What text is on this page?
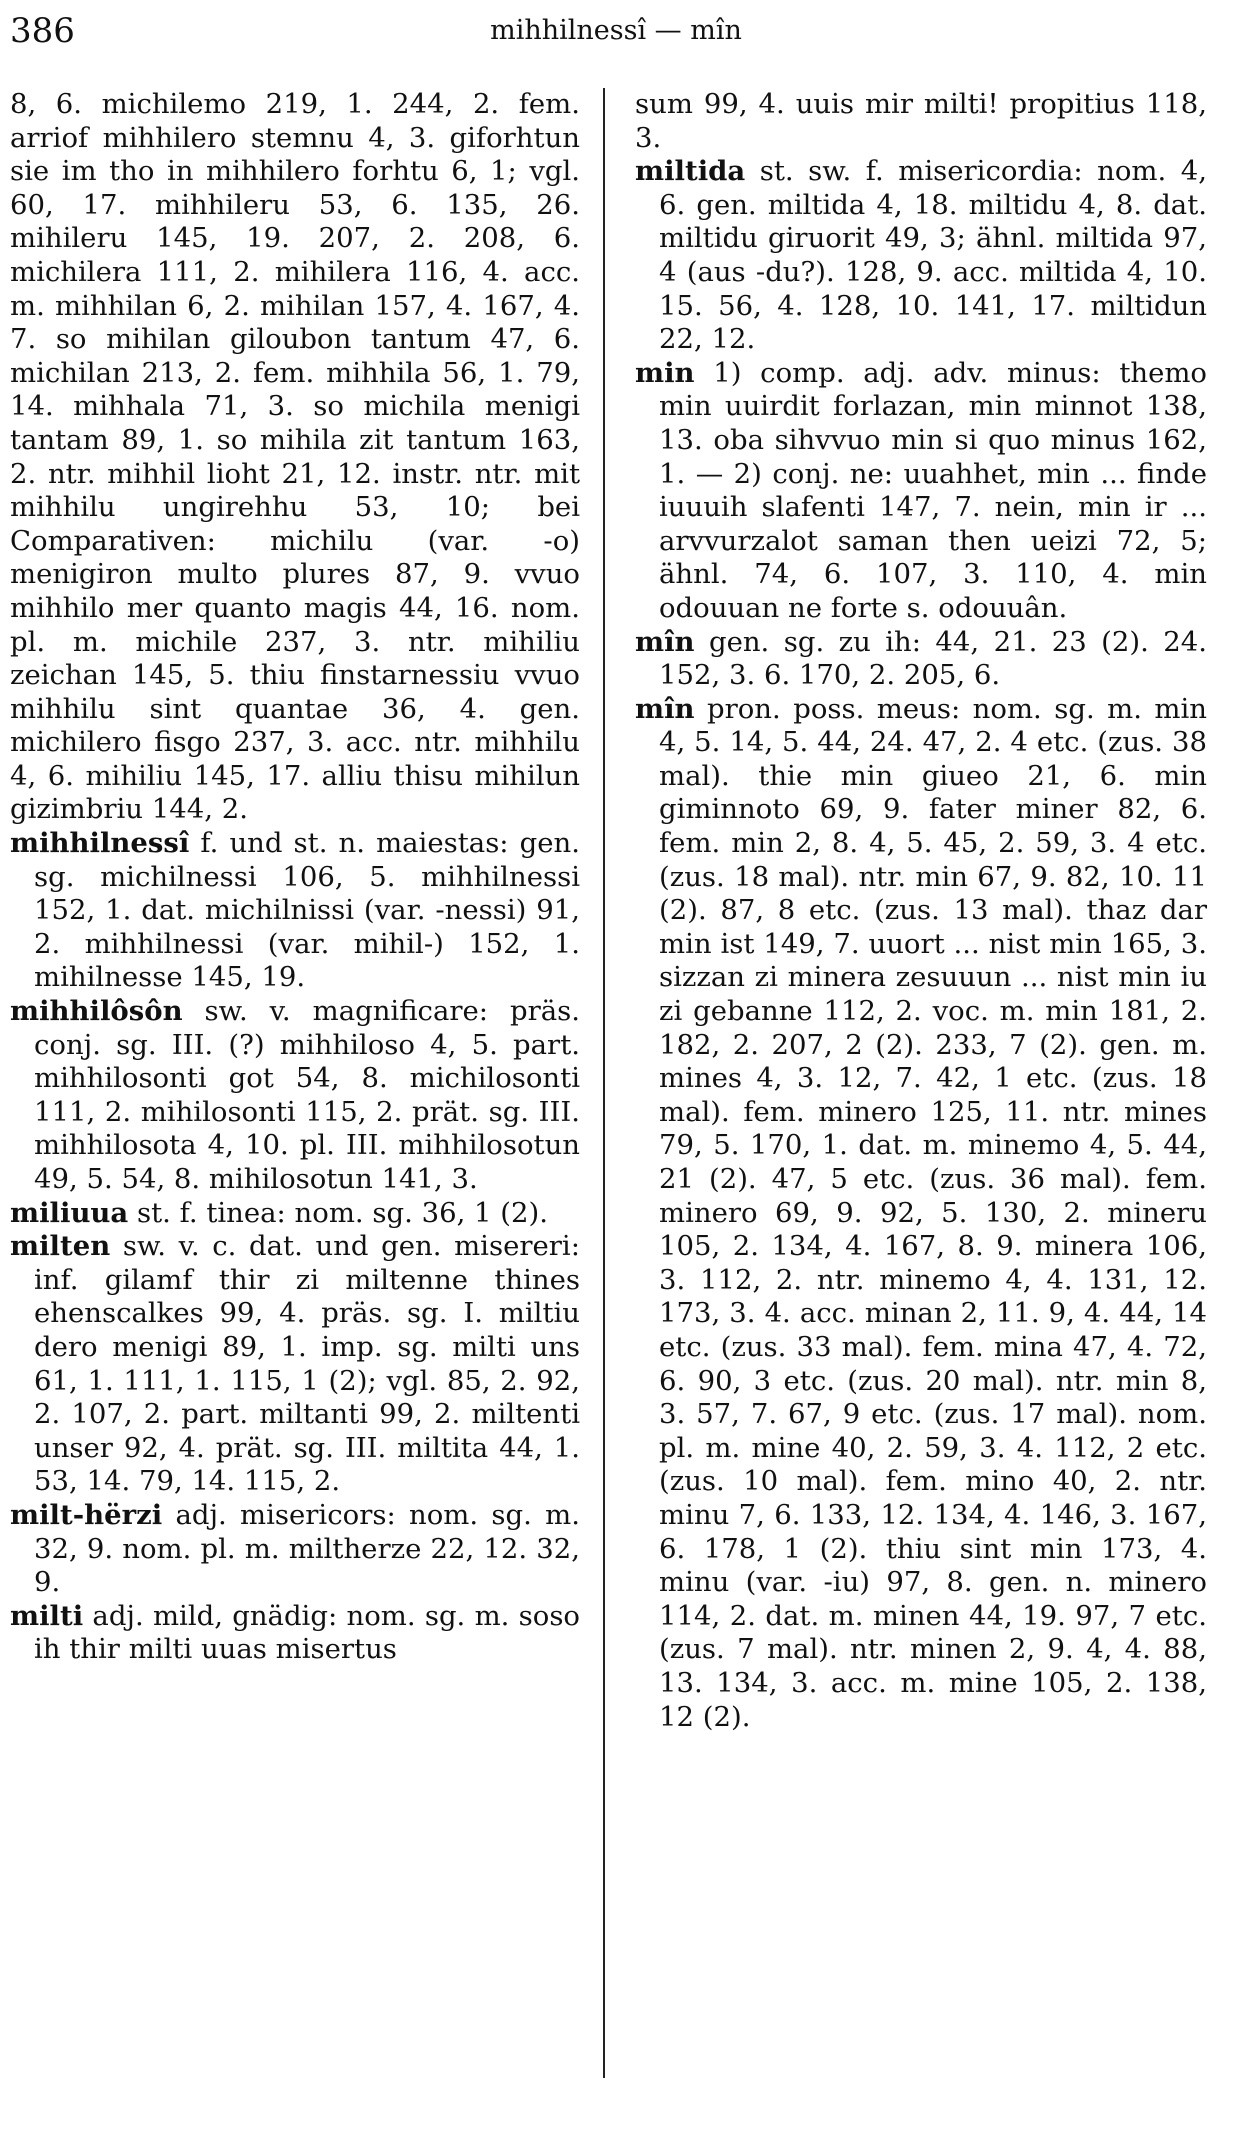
386	mihhilnessî — mîn

8, 6. michilemo 219, 1. 244, 2. fem. arriof mihhilero stemnu 4, 3. giforhtun sie im tho in mihhilero forhtu 6, 1; vgl. 60, 17. mihhileru 53, 6. 135, 26. mihileru 145, 19. 207, 2. 208, 6. michilera 111, 2. mihilera 116, 4. acc. m. mihhilan 6, 2. mihilan 157, 4. 167, 4. 7. so mihilan giloubon tantum 47, 6. michilan 213, 2. fem. mihhila 56, 1. 79, 14. mihhala 71, 3. so michila menigi tantam 89, 1. so mihila zit tantum 163, 2. ntr. mihhil lioht 21, 12. instr. ntr. mit mihhilu ungirehhu 53, 10; bei Comparativen: michilu (var. -o) menigiron multo plures 87, 9. vvuo mihhilo mer quanto magis 44, 16. nom. pl. m. michile 237, 3. ntr. mihiliu zeichan 145, 5. thiu finstarnessiu vvuo mihhilu sint quantae 36, 4. gen. michilero fisgo 237, 3. acc. ntr. mihhilu 4, 6. mihiliu 145, 17. alliu thisu mihilun gizimbriu 144, 2.

mihhilnessî f. und st. n. maiestas: gen. sg. michilnessi 106, 5. mihhilnessi 152, 1. dat. michilnissi (var. -nessi) 91, 2. mihhilnessi (var. mihil-) 152, 1. mihilnesse 145, 19.

mihhilôsôn sw. v. magnificare: präs. conj. sg. III. (?) mihhiloso 4, 5. part. mihhilosonti got 54, 8. michilosonti 111, 2. mihilosonti 115, 2. prät. sg. III. mihhilosota 4, 10. pl. III. mihhilosotun 49, 5. 54, 8. mihilosotun 141, 3.

miliuua st. f. tinea: nom. sg. 36, 1 (2).

milten sw. v. c. dat. und gen. misereri: inf. gilamf thir zi miltenne thines ehenscalkes 99, 4. präs. sg. I. miltiu dero menigi 89, 1. imp. sg. milti uns 61, 1. 111, 1. 115, 1 (2); vgl. 85, 2. 92, 2. 107, 2. part. miltanti 99, 2. miltenti unser 92, 4. prät. sg. III. miltita 44, 1. 53, 14. 79, 14. 115, 2.

milt-hërzi adj. misericors: nom. sg. m. 32, 9. nom. pl. m. miltherze 22, 12. 32, 9.

milti adj. mild, gnädig: nom. sg. m. soso ih thir milti uuas misertus

sum 99, 4. uuis mir milti! propitius 118, 3.

miltida st. sw. f. misericordia: nom. 4, 6. gen. miltida 4, 18. miltidu 4, 8. dat. miltidu giruorit 49, 3; ähnl. miltida 97, 4 (aus -du?). 128, 9. acc. miltida 4, 10. 15. 56, 4. 128, 10. 141, 17. miltidun 22, 12.

min 1) comp. adj. adv. minus: themo min uuirdit forlazan, min minnot 138, 13. oba sihvvuo min si quo minus 162, 1. — 2) conj. ne: uuahhet, min ... finde iuuuih slafenti 147, 7. nein, min ir ... arvvurzalot saman then ueizi 72, 5; ähnl. 74, 6. 107, 3. 110, 4. min odouuan ne forte s. odouuân.

mîn gen. sg. zu ih: 44, 21. 23 (2). 24. 152, 3. 6. 170, 2. 205, 6.

mîn pron. poss. meus: nom. sg. m. min 4, 5. 14, 5. 44, 24. 47, 2. 4 etc. (zus. 38 mal). thie min giueo 21, 6. min giminnoto 69, 9. fater miner 82, 6. fem. min 2, 8. 4, 5. 45, 2. 59, 3. 4 etc. (zus. 18 mal). ntr. min 67, 9. 82, 10. 11 (2). 87, 8 etc. (zus. 13 mal). thaz dar min ist 149, 7. uuort ... nist min 165, 3. sizzan zi minera zesuuun ... nist min iu zi gebanne 112, 2. voc. m. min 181, 2. 182, 2. 207, 2 (2). 233, 7 (2). gen. m. mines 4, 3. 12, 7. 42, 1 etc. (zus. 18 mal). fem. minero 125, 11. ntr. mines 79, 5. 170, 1. dat. m. minemo 4, 5. 44, 21 (2). 47, 5 etc. (zus. 36 mal). fem. minero 69, 9. 92, 5. 130, 2. mineru 105, 2. 134, 4. 167, 8. 9. minera 106, 3. 112, 2. ntr. minemo 4, 4. 131, 12. 173, 3. 4. acc. minan 2, 11. 9, 4. 44, 14 etc. (zus. 33 mal). fem. mina 47, 4. 72, 6. 90, 3 etc. (zus. 20 mal). ntr. min 8, 3. 57, 7. 67, 9 etc. (zus. 17 mal). nom. pl. m. mine 40, 2. 59, 3. 4. 112, 2 etc. (zus. 10 mal). fem. mino 40, 2. ntr. minu 7, 6. 133, 12. 134, 4. 146, 3. 167, 6. 178, 1 (2). thiu sint min 173, 4. minu (var. -iu) 97, 8. gen. n. minero 114, 2. dat. m. minen 44, 19. 97, 7 etc. (zus. 7 mal). ntr. minen 2, 9. 4, 4. 88, 13. 134, 3. acc. m. mine 105, 2. 138, 12 (2).
